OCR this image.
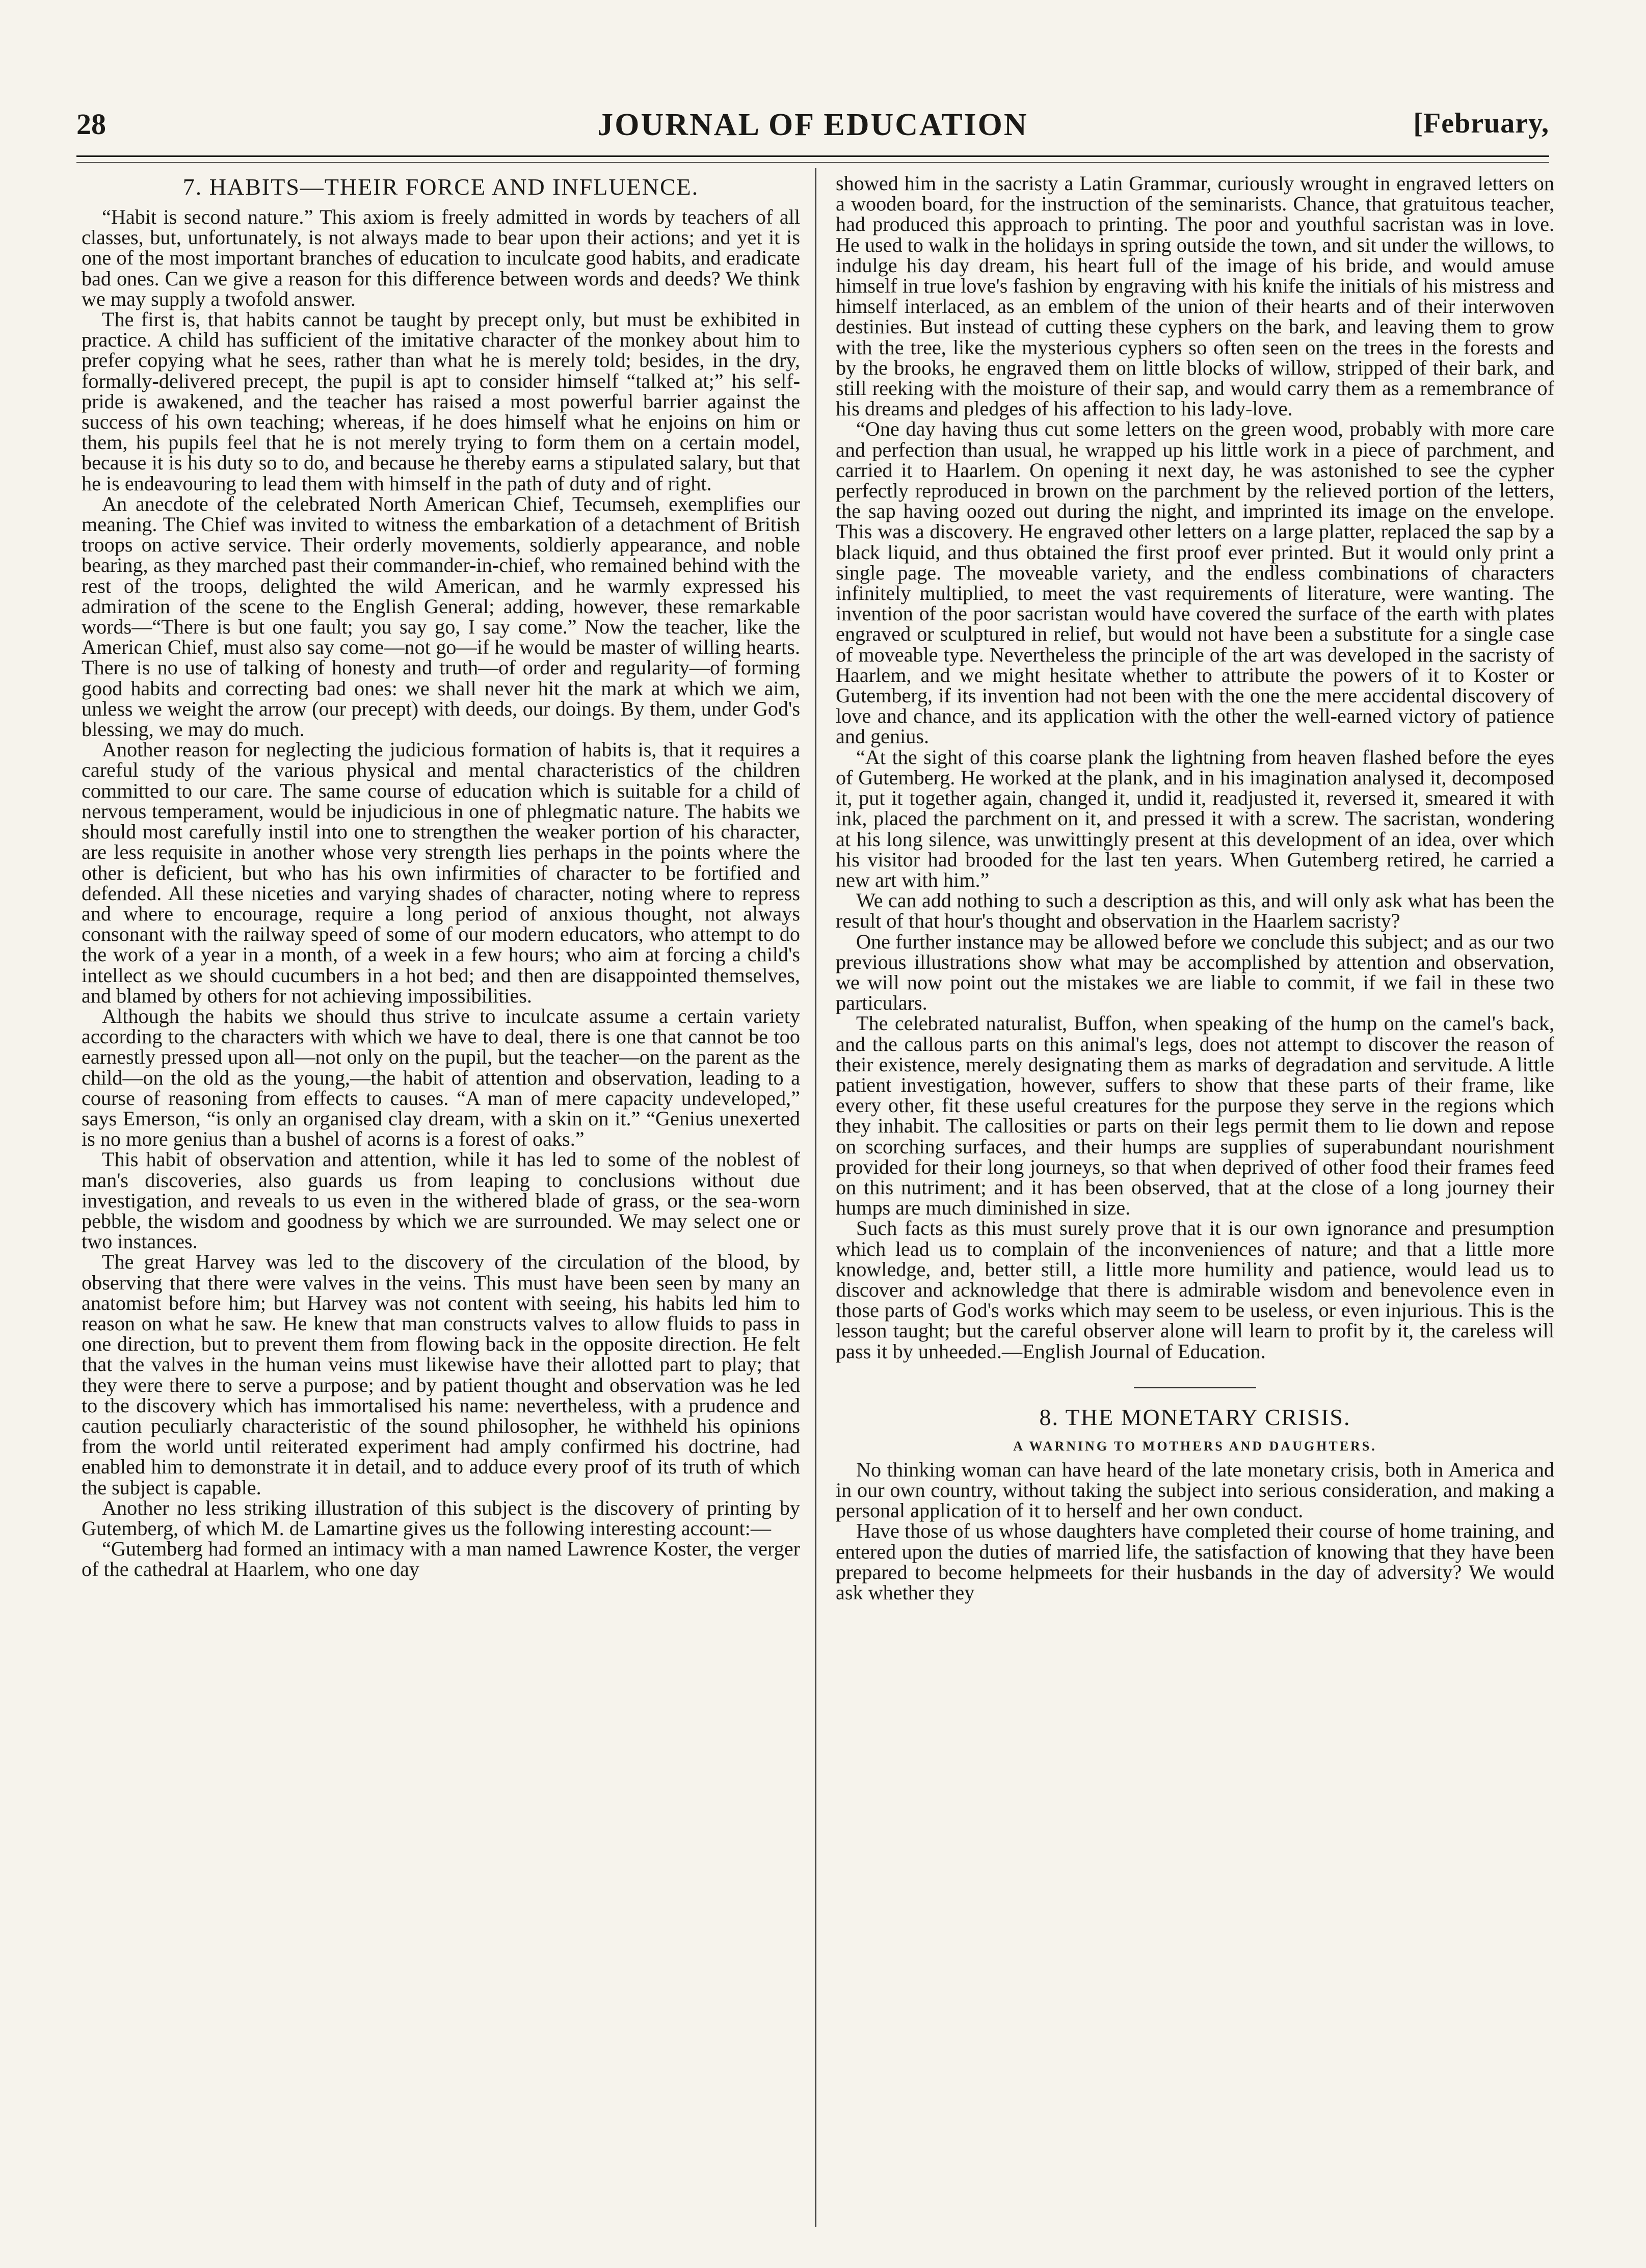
28	JOURNAL OF EDUCATION	[February,
7. HABITS—THEIR FORCE AND INFLUENCE.

“Habit is second nature.” This axiom is freely admitted in words by teachers of all classes, but, unfortunately, is not always made to bear upon their actions; and yet it is one of the most important branches of education to inculcate good habits, and eradicate bad ones. Can we give a reason for this difference between words and deeds? We think we may supply a twofold answer.

The first is, that habits cannot be taught by precept only, but must be exhibited in practice. A child has sufficient of the imitative character of the monkey about him to prefer copying what he sees, rather than what he is merely told; besides, in the dry, formally-delivered precept, the pupil is apt to consider himself “talked at;” his self-pride is awakened, and the teacher has raised a most powerful barrier against the success of his own teaching; whereas, if he does himself what he enjoins on him or them, his pupils feel that he is not merely trying to form them on a certain model, because it is his duty so to do, and because he thereby earns a stipulated salary, but that he is endeavouring to lead them with himself in the path of duty and of right.

An anecdote of the celebrated North American Chief, Tecumseh, exemplifies our meaning. The Chief was invited to witness the embarkation of a detachment of British troops on active service. Their orderly movements, soldierly appearance, and noble bearing, as they marched past their commander-in-chief, who remained behind with the rest of the troops, delighted the wild American, and he warmly expressed his admiration of the scene to the English General; adding, however, these remarkable words—“There is but one fault; you say go, I say come.” Now the teacher, like the American Chief, must also say come—not go—if he would be master of willing hearts. There is no use of talking of honesty and truth—of order and regularity—of forming good habits and correcting bad ones: we shall never hit the mark at which we aim, unless we weight the arrow (our precept) with deeds, our doings. By them, under God's blessing, we may do much.

Another reason for neglecting the judicious formation of habits is, that it requires a careful study of the various physical and mental characteristics of the children committed to our care. The same course of education which is suitable for a child of nervous temperament, would be injudicious in one of phlegmatic nature. The habits we should most carefully instil into one to strengthen the weaker portion of his character, are less requisite in another whose very strength lies perhaps in the points where the other is deficient, but who has his own infirmities of character to be fortified and defended. All these niceties and varying shades of character, noting where to repress and where to encourage, require a long period of anxious thought, not always consonant with the railway speed of some of our modern educators, who attempt to do the work of a year in a month, of a week in a few hours; who aim at forcing a child's intellect as we should cucumbers in a hot bed; and then are disappointed themselves, and blamed by others for not achieving impossibilities.

Although the habits we should thus strive to inculcate assume a certain variety according to the characters with which we have to deal, there is one that cannot be too earnestly pressed upon all—not only on the pupil, but the teacher—on the parent as the child—on the old as the young,—the habit of attention and observation, leading to a course of reasoning from effects to causes. “A man of mere capacity undeveloped,” says Emerson, “is only an organised clay dream, with a skin on it.” “Genius unexerted is no more genius than a bushel of acorns is a forest of oaks.”

This habit of observation and attention, while it has led to some of the noblest of man's discoveries, also guards us from leaping to conclusions without due investigation, and reveals to us even in the withered blade of grass, or the sea-worn pebble, the wisdom and goodness by which we are surrounded. We may select one or two instances.

The great Harvey was led to the discovery of the circulation of the blood, by observing that there were valves in the veins. This must have been seen by many an anatomist before him; but Harvey was not content with seeing, his habits led him to reason on what he saw. He knew that man constructs valves to allow fluids to pass in one direction, but to prevent them from flowing back in the opposite direction. He felt that the valves in the human veins must likewise have their allotted part to play; that they were there to serve a purpose; and by patient thought and observation was he led to the discovery which has immortalised his name: nevertheless, with a prudence and caution peculiarly characteristic of the sound philosopher, he withheld his opinions from the world until reiterated experiment had amply confirmed his doctrine, had enabled him to demonstrate it in detail, and to adduce every proof of its truth of which the subject is capable.

Another no less striking illustration of this subject is the discovery of printing by Gutemberg, of which M. de Lamartine gives us the following interesting account:—

“Gutemberg had formed an intimacy with a man named Lawrence Koster, the verger of the cathedral at Haarlem, who one day

showed him in the sacristy a Latin Grammar, curiously wrought in engraved letters on a wooden board, for the instruction of the seminarists. Chance, that gratuitous teacher, had produced this approach to printing. The poor and youthful sacristan was in love. He used to walk in the holidays in spring outside the town, and sit under the willows, to indulge his day dream, his heart full of the image of his bride, and would amuse himself in true love's fashion by engraving with his knife the initials of his mistress and himself interlaced, as an emblem of the union of their hearts and of their interwoven destinies. But instead of cutting these cyphers on the bark, and leaving them to grow with the tree, like the mysterious cyphers so often seen on the trees in the forests and by the brooks, he engraved them on little blocks of willow, stripped of their bark, and still reeking with the moisture of their sap, and would carry them as a remembrance of his dreams and pledges of his affection to his lady-love.

“One day having thus cut some letters on the green wood, probably with more care and perfection than usual, he wrapped up his little work in a piece of parchment, and carried it to Haarlem. On opening it next day, he was astonished to see the cypher perfectly reproduced in brown on the parchment by the relieved portion of the letters, the sap having oozed out during the night, and imprinted its image on the envelope. This was a discovery. He engraved other letters on a large platter, replaced the sap by a black liquid, and thus obtained the first proof ever printed. But it would only print a single page. The moveable variety, and the endless combinations of characters infinitely multiplied, to meet the vast requirements of literature, were wanting. The invention of the poor sacristan would have covered the surface of the earth with plates engraved or sculptured in relief, but would not have been a substitute for a single case of moveable type. Nevertheless the principle of the art was developed in the sacristy of Haarlem, and we might hesitate whether to attribute the powers of it to Koster or Gutemberg, if its invention had not been with the one the mere accidental discovery of love and chance, and its application with the other the well-earned victory of patience and genius.

“At the sight of this coarse plank the lightning from heaven flashed before the eyes of Gutemberg. He worked at the plank, and in his imagination analysed it, decomposed it, put it together again, changed it, undid it, readjusted it, reversed it, smeared it with ink, placed the parchment on it, and pressed it with a screw. The sacristan, wondering at his long silence, was unwittingly present at this development of an idea, over which his visitor had brooded for the last ten years. When Gutemberg retired, he carried a new art with him.”

We can add nothing to such a description as this, and will only ask what has been the result of that hour's thought and observation in the Haarlem sacristy?

One further instance may be allowed before we conclude this subject; and as our two previous illustrations show what may be accomplished by attention and observation, we will now point out the mistakes we are liable to commit, if we fail in these two particulars.

The celebrated naturalist, Buffon, when speaking of the hump on the camel's back, and the callous parts on this animal's legs, does not attempt to discover the reason of their existence, merely designating them as marks of degradation and servitude. A little patient investigation, however, suffers to show that these parts of their frame, like every other, fit these useful creatures for the purpose they serve in the regions which they inhabit. The callosities or parts on their legs permit them to lie down and repose on scorching surfaces, and their humps are supplies of superabundant nourishment provided for their long journeys, so that when deprived of other food their frames feed on this nutriment; and it has been observed, that at the close of a long journey their humps are much diminished in size.

Such facts as this must surely prove that it is our own ignorance and presumption which lead us to complain of the inconveniences of nature; and that a little more knowledge, and, better still, a little more humility and patience, would lead us to discover and acknowledge that there is admirable wisdom and benevolence even in those parts of God's works which may seem to be useless, or even injurious. This is the lesson taught; but the careful observer alone will learn to profit by it, the careless will pass it by unheeded.—English Journal of Education.

8. THE MONETARY CRISIS.
A WARNING TO MOTHERS AND DAUGHTERS.

No thinking woman can have heard of the late monetary crisis, both in America and in our own country, without taking the subject into serious consideration, and making a personal application of it to herself and her own conduct.

Have those of us whose daughters have completed their course of home training, and entered upon the duties of married life, the satisfaction of knowing that they have been prepared to become helpmeets for their husbands in the day of adversity? We would ask whether they
